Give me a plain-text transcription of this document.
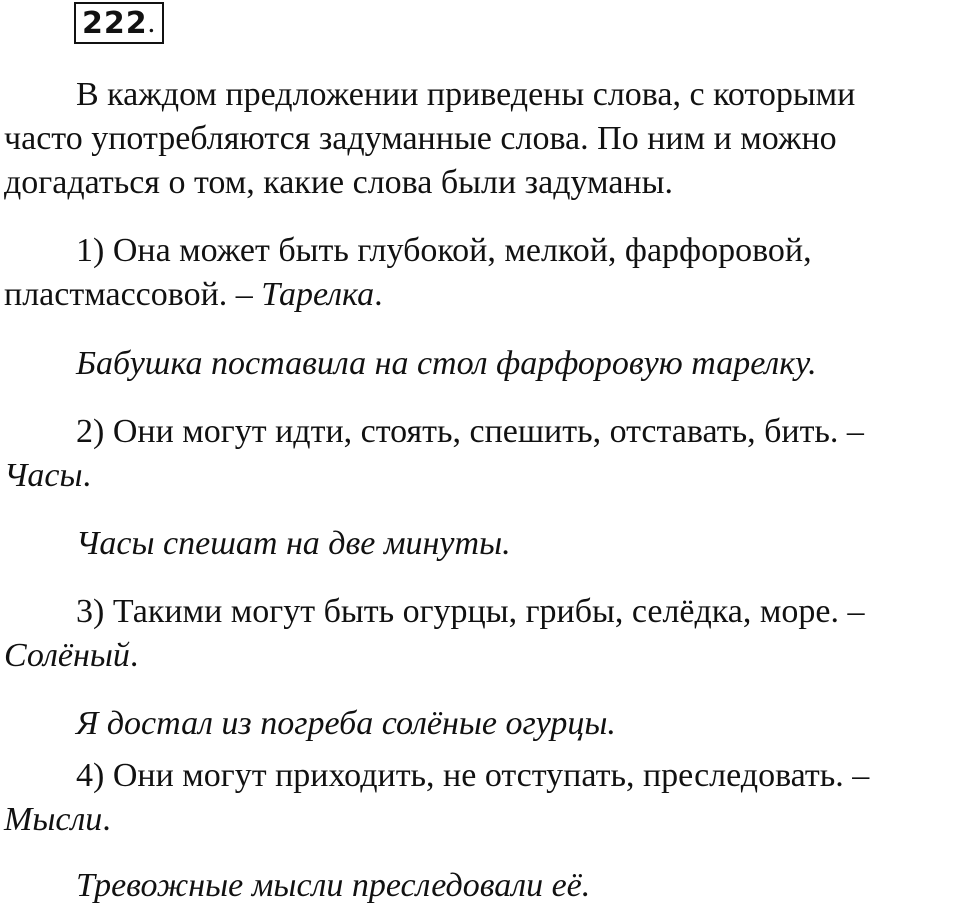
222 .
В каждом предложении приведены слова, с которыми
часто употребляются задуманные слова. По ним и можно
догадаться о том, какие слова были задуманы.
1) Она может быть глубокой, мелкой, фарфоровой,
пластмассовой. – Тарелка.
Бабушка поставила на стол фарфоровую тарелку.
2) Они могут идти, стоять, спешить, отставать, бить. –
Часы.
Часы спешат на две минуты.
3) Такими могут быть огурцы, грибы, селёдка, море. –
Солёный.
Я достал из погреба солёные огурцы.
4) Они могут приходить, не отступать, преследовать. –
Мысли.
Тревожные мысли преследовали её.
